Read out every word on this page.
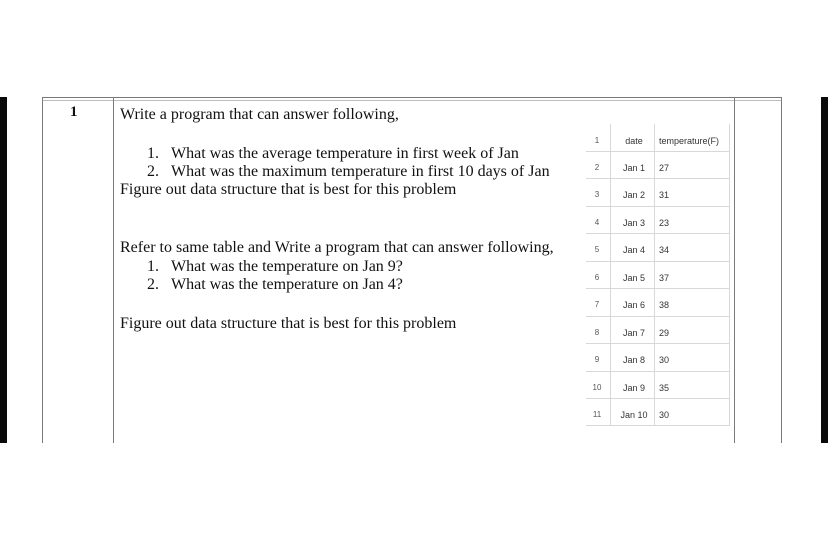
1	Write a program that can answer following,
1. What was the average temperature in first week of Jan
2. What was the maximum temperature in first 10 days of Jan
Figure out data structure that is best for this problem
Refer to same table and Write a program that can answer following,
1. What was the temperature on Jan 9?
2. What was the temperature on Jan 4?
Figure out data structure that is best for this problem
1	date	temperature(F)
2	Jan 1	27
3	Jan 2	31
4	Jan 3	23
5	Jan 4	34
6	Jan 5	37
7	Jan 6	38
8	Jan 7	29
9	Jan 8	30
10	Jan 9	35
11	Jan 10	30
